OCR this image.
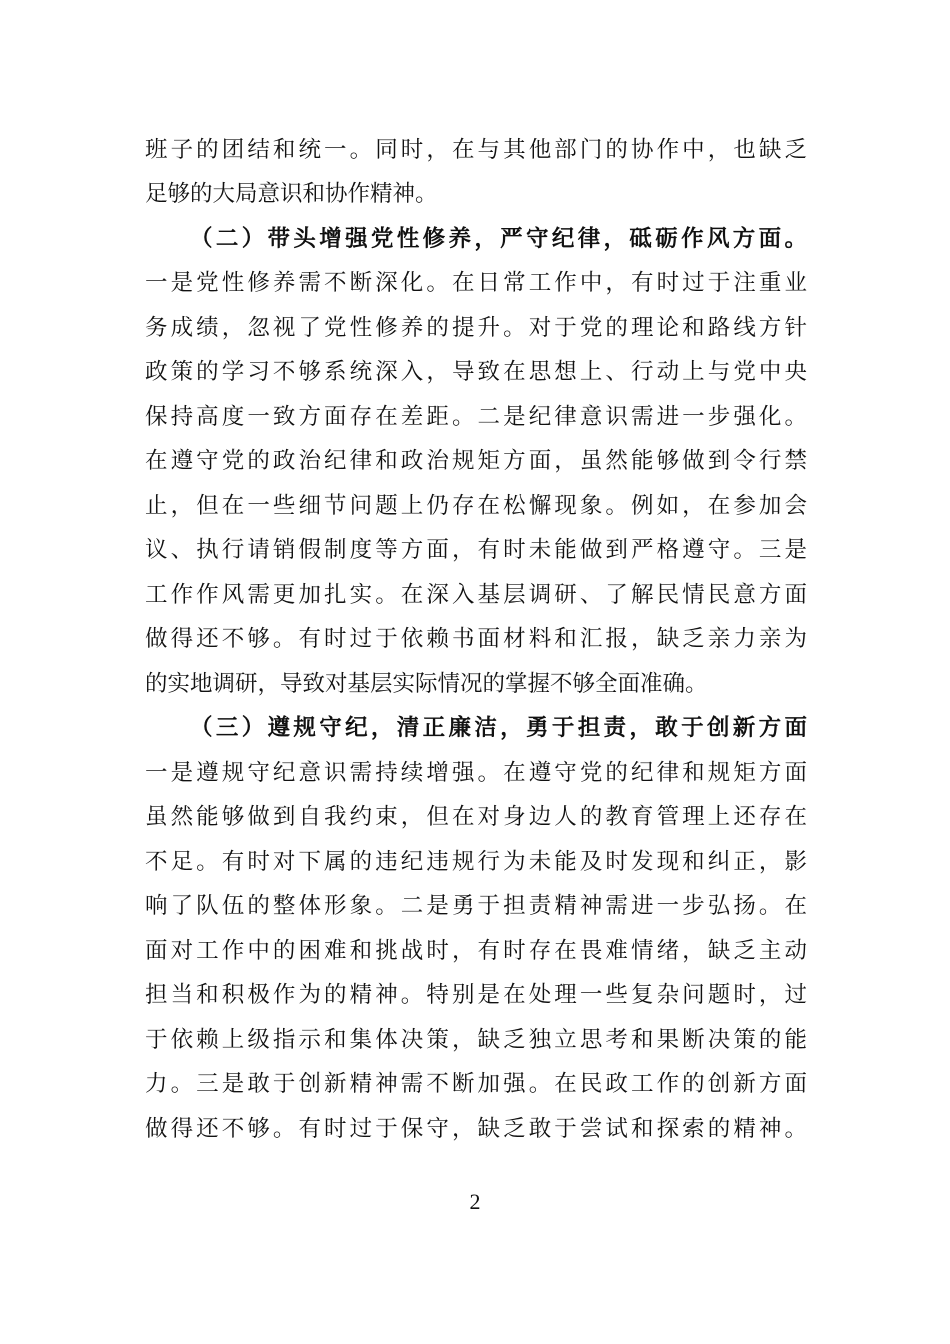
班子的团结和统一。同时，在与其他部门的协作中，也缺乏
足够的大局意识和协作精神。
（二）带头增强党性修养，严守纪律，砥砺作风方面。
一是党性修养需不断深化。在日常工作中，有时过于注重业
务成绩，忽视了党性修养的提升。对于党的理论和路线方针
政策的学习不够系统深入，导致在思想上、行动上与党中央
保持高度一致方面存在差距。二是纪律意识需进一步强化。
在遵守党的政治纪律和政治规矩方面，虽然能够做到令行禁
止，但在一些细节问题上仍存在松懈现象。例如，在参加会
议、执行请销假制度等方面，有时未能做到严格遵守。三是
工作作风需更加扎实。在深入基层调研、了解民情民意方面
做得还不够。有时过于依赖书面材料和汇报，缺乏亲力亲为
的实地调研，导致对基层实际情况的掌握不够全面准确。
（三）遵规守纪，清正廉洁，勇于担责，敢于创新方面
一是遵规守纪意识需持续增强。在遵守党的纪律和规矩方面
虽然能够做到自我约束，但在对身边人的教育管理上还存在
不足。有时对下属的违纪违规行为未能及时发现和纠正，影
响了队伍的整体形象。二是勇于担责精神需进一步弘扬。在
面对工作中的困难和挑战时，有时存在畏难情绪，缺乏主动
担当和积极作为的精神。特别是在处理一些复杂问题时，过
于依赖上级指示和集体决策，缺乏独立思考和果断决策的能
力。三是敢于创新精神需不断加强。在民政工作的创新方面
做得还不够。有时过于保守，缺乏敢于尝试和探索的精神。
2
